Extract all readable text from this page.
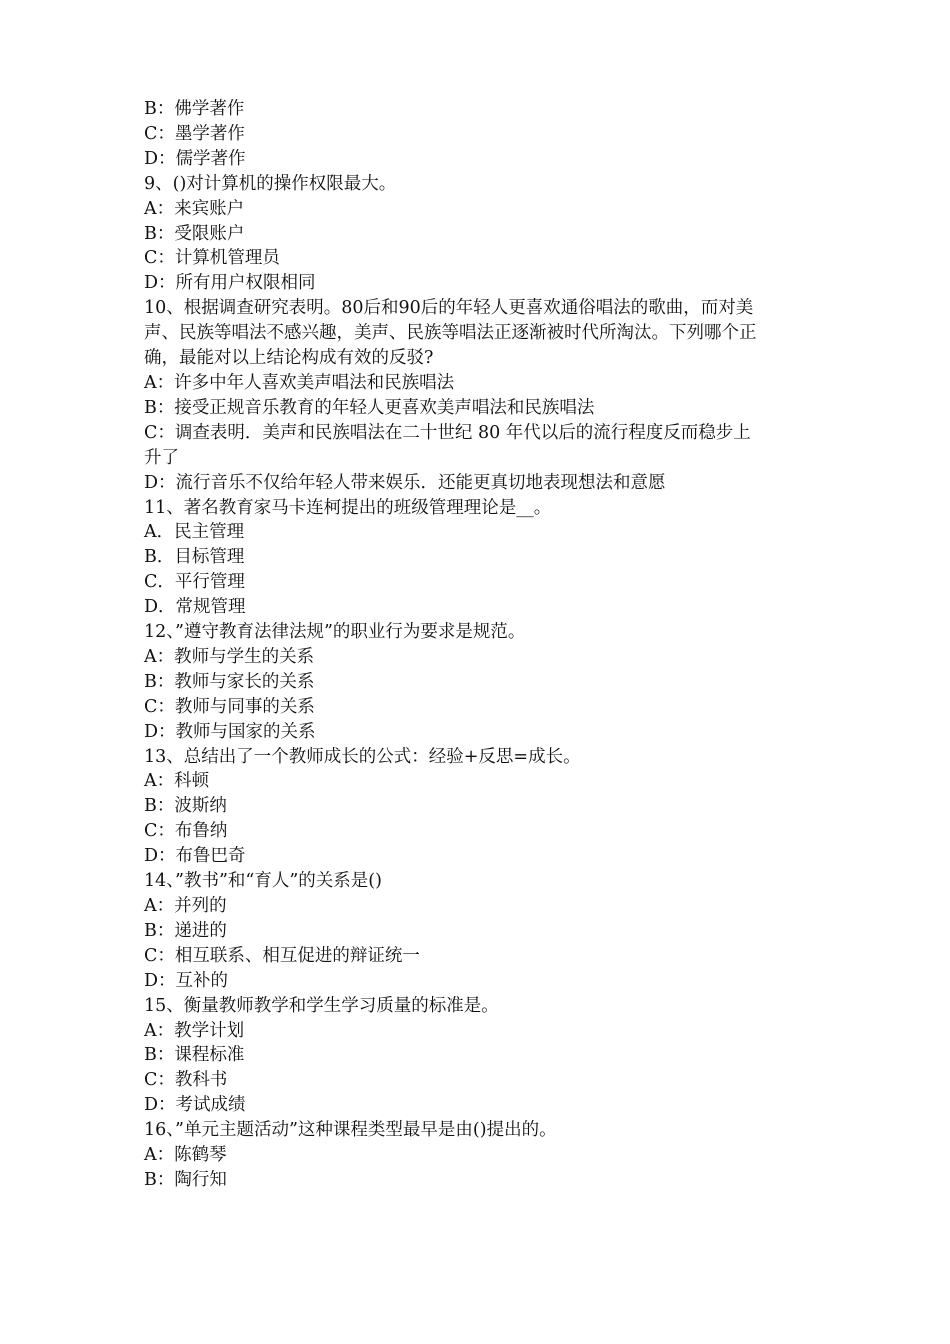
B：佛学著作
C：墨学著作
D：儒学著作
9、()对计算机的操作权限最大。
A：来宾账户
B：受限账户
C：计算机管理员
D：所有用户权限相同
10、根据调查研究表明。80后和90后的年轻人更喜欢通俗唱法的歌曲，而对美
声、民族等唱法不感兴趣，美声、民族等唱法正逐渐被时代所淘汰。下列哪个正
确，最能对以上结论构成有效的反驳?
A：许多中年人喜欢美声唱法和民族唱法
B：接受正规音乐教育的年轻人更喜欢美声唱法和民族唱法
C：调查表明．美声和民族唱法在二十世纪 80 年代以后的流行程度反而稳步上
升了
D：流行音乐不仅给年轻人带来娱乐．还能更真切地表现想法和意愿
11、著名教育家马卡连柯提出的班级管理理论是__。
A．民主管理
B．目标管理
C．平行管理
D．常规管理
12、”遵守教育法律法规”的职业行为要求是规范。
A：教师与学生的关系
B：教师与家长的关系
C：教师与同事的关系
D：教师与国家的关系
13、总结出了一个教师成长的公式：经验+反思=成长。
A：科顿
B：波斯纳
C：布鲁纳
D：布鲁巴奇
14、”教书”和“育人”的关系是()
A：并列的
B：递进的
C：相互联系、相互促进的辩证统一
D：互补的
15、衡量教师教学和学生学习质量的标准是。
A：教学计划
B：课程标准
C：教科书
D：考试成绩
16、”单元主题活动”这种课程类型最早是由()提出的。
A：陈鹤琴
B：陶行知
